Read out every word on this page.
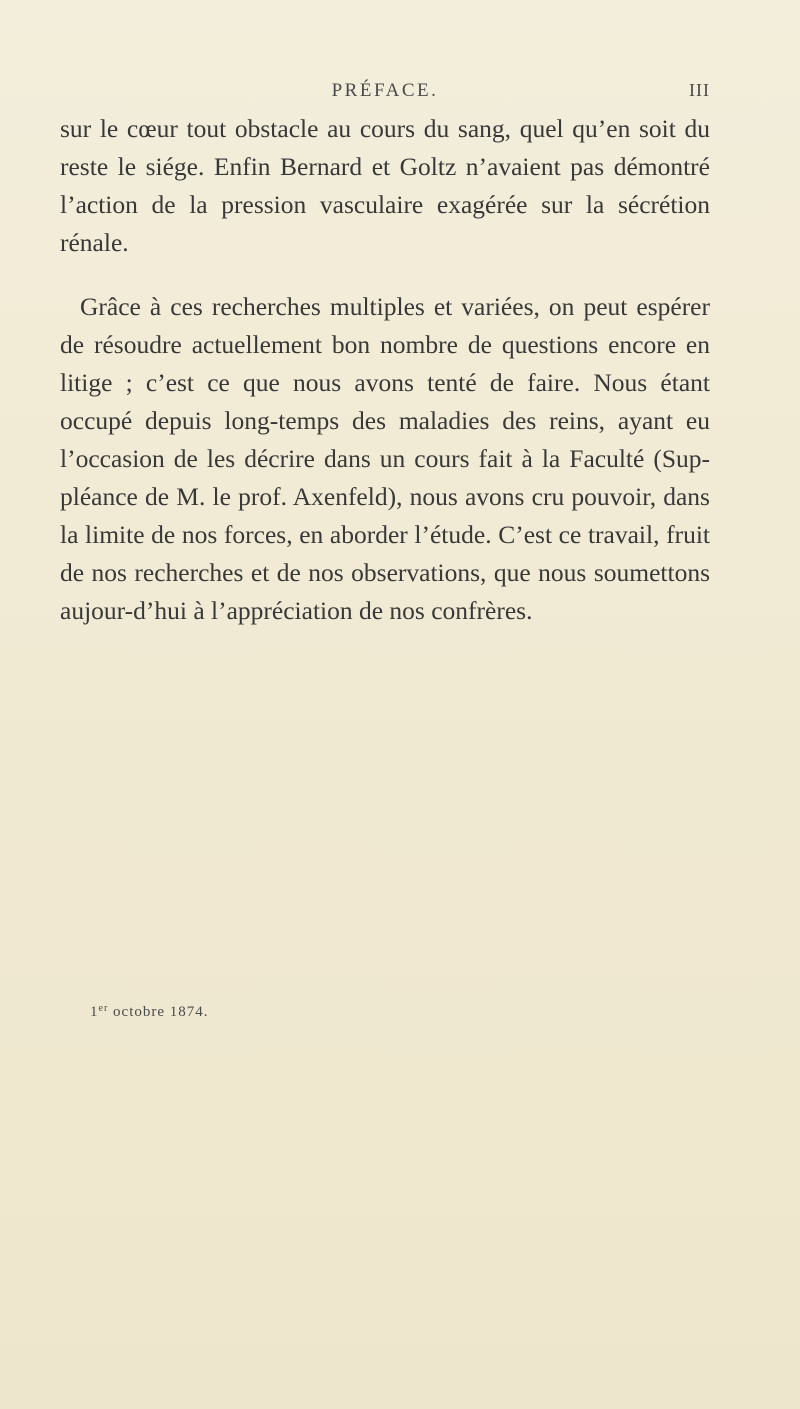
PRÉFACE.	III

sur le cœur tout obstacle au cours du sang, quel qu’en soit du reste le siége. Enfin Bernard et Goltz n’avaient pas démontré l’action de la pression vasculaire exagérée sur la sécrétion rénale.

Grâce à ces recherches multiples et variées, on peut espérer de résoudre actuellement bon nombre de questions encore en litige ; c’est ce que nous avons tenté de faire. Nous étant occupé depuis long-temps des maladies des reins, ayant eu l’occasion de les décrire dans un cours fait à la Faculté (Sup-pléance de M. le prof. Axenfeld), nous avons cru pouvoir, dans la limite de nos forces, en aborder l’étude. C’est ce travail, fruit de nos recherches et de nos observations, que nous soumettons aujour-d’hui à l’appréciation de nos confrères.

1er octobre 1874.
